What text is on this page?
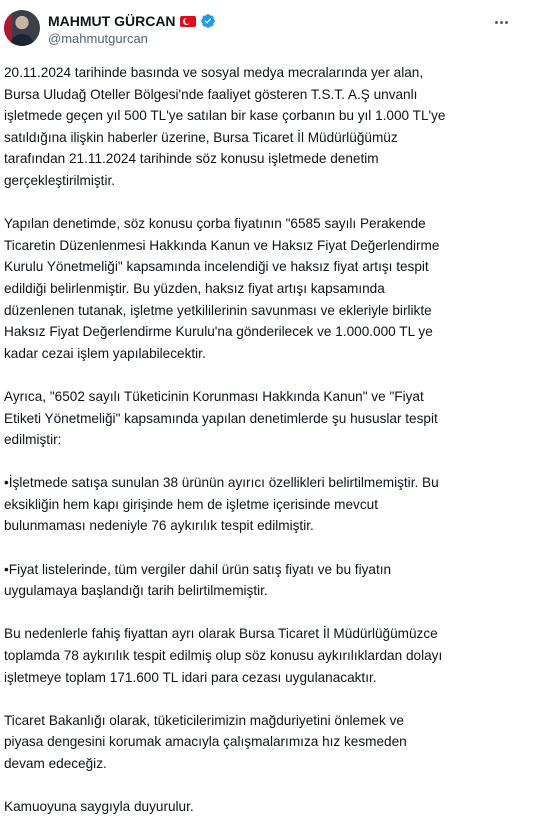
MAHMUT GÜRCAN
@mahmutgurcan

20.11.2024 tarihinde basında ve sosyal medya mecralarında yer alan,
Bursa Uludağ Oteller Bölgesi'nde faaliyet gösteren T.S.T. A.Ş unvanlı
işletmede geçen yıl 500 TL'ye satılan bir kase çorbanın bu yıl 1.000 TL'ye
satıldığına ilişkin haberler üzerine, Bursa Ticaret İl Müdürlüğümüz
tarafından 21.11.2024 tarihinde söz konusu işletmede denetim
gerçekleştirilmiştir.

Yapılan denetimde, söz konusu çorba fiyatının "6585 sayılı Perakende
Ticaretin Düzenlenmesi Hakkında Kanun ve Haksız Fiyat Değerlendirme
Kurulu Yönetmeliği" kapsamında incelendiği ve haksız fiyat artışı tespit
edildiği belirlenmiştir. Bu yüzden, haksız fiyat artışı kapsamında
düzenlenen tutanak, işletme yetkililerinin savunması ve ekleriyle birlikte
Haksız Fiyat Değerlendirme Kurulu'na gönderilecek ve 1.000.000 TL ye
kadar cezai işlem yapılabilecektir.

Ayrıca, "6502 sayılı Tüketicinin Korunması Hakkında Kanun" ve "Fiyat
Etiketi Yönetmeliği" kapsamında yapılan denetimlerde şu hususlar tespit
edilmiştir:

•İşletmede satışa sunulan 38 ürünün ayırıcı özellikleri belirtilmemiştir. Bu
eksikliğin hem kapı girişinde hem de işletme içerisinde mevcut
bulunmaması nedeniyle 76 aykırılık tespit edilmiştir.

•Fiyat listelerinde, tüm vergiler dahil ürün satış fiyatı ve bu fiyatın
uygulamaya başlandığı tarih belirtilmemiştir.

Bu nedenlerle fahiş fiyattan ayrı olarak Bursa Ticaret İl Müdürlüğümüzce
toplamda 78 aykırılık tespit edilmiş olup söz konusu aykırılıklardan dolayı
işletmeye toplam 171.600 TL idari para cezası uygulanacaktır.

Ticaret Bakanlığı olarak, tüketicilerimizin mağduriyetini önlemek ve
piyasa dengesini korumak amacıyla çalışmalarımıza hız kesmeden
devam edeceğiz.

Kamuoyuna saygıyla duyurulur.
